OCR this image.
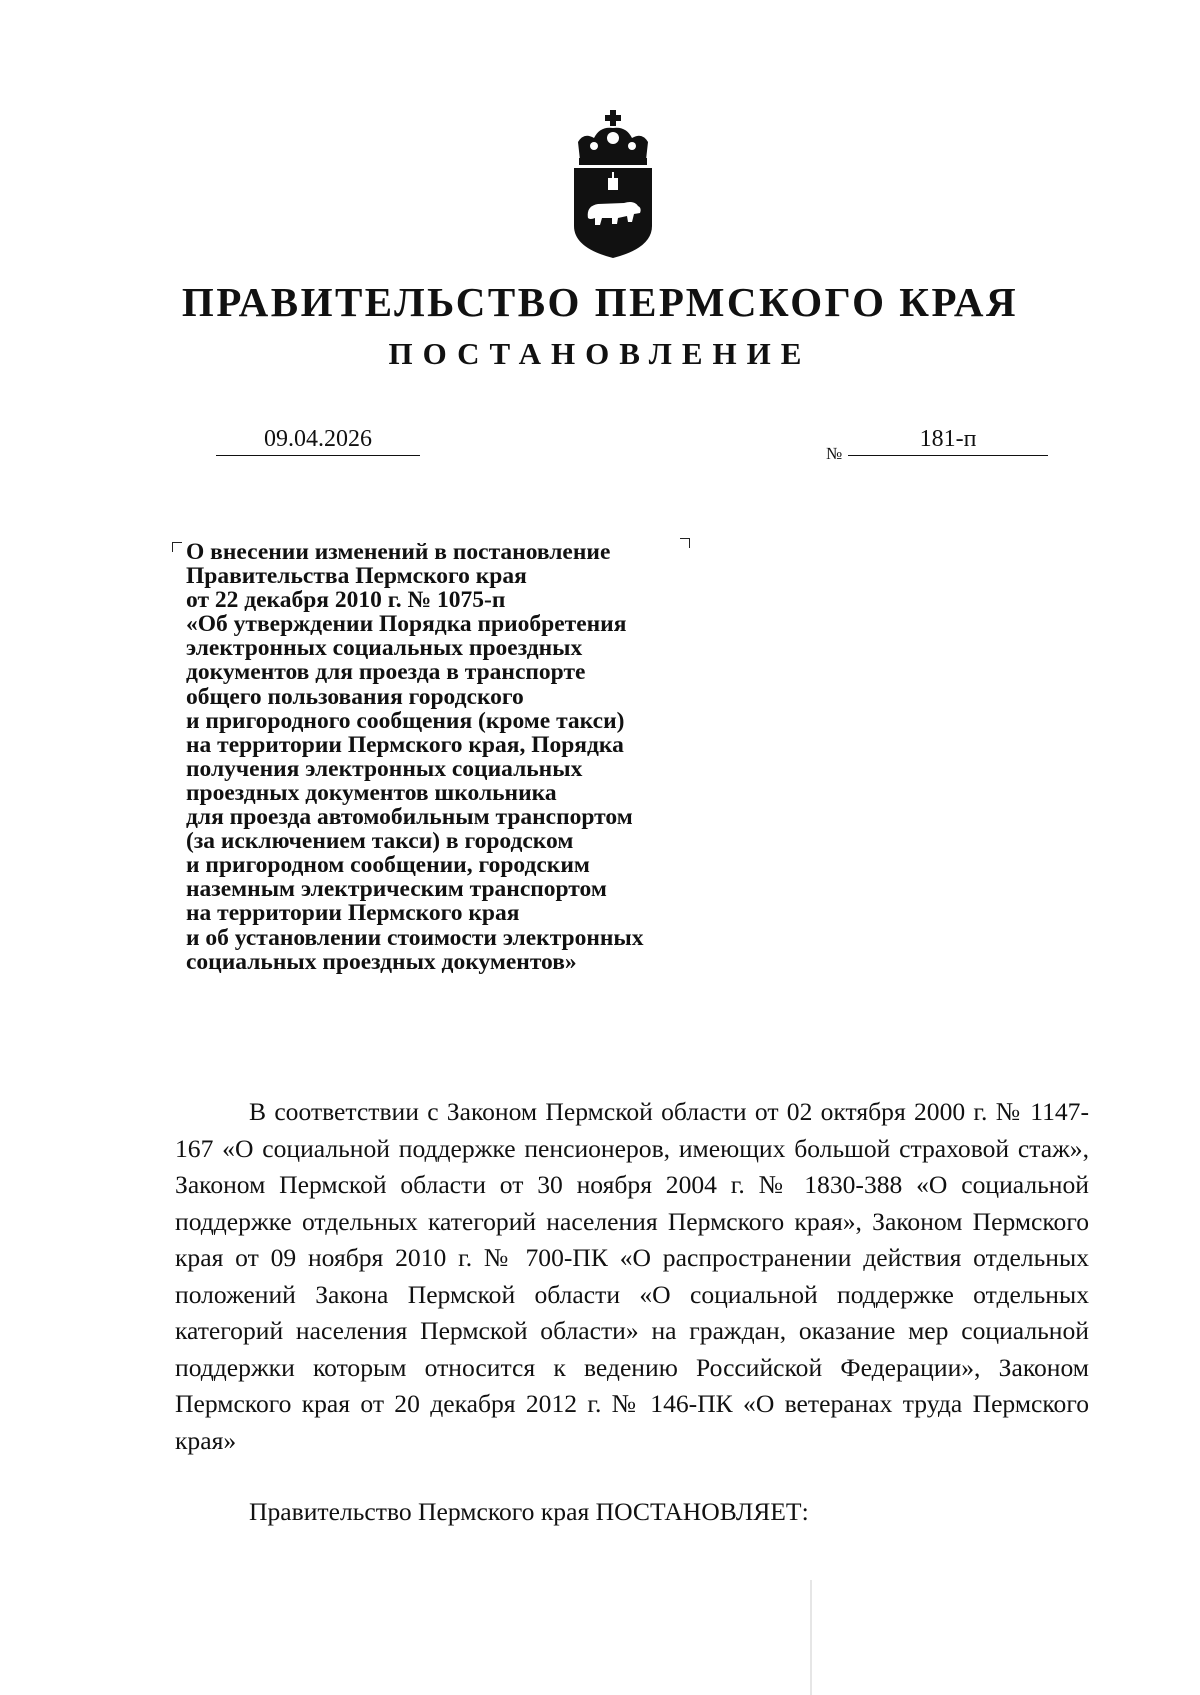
ПРАВИТЕЛЬСТВО ПЕРМСКОГО КРАЯ
ПОСТАНОВЛЕНИЕ
09.04.2026
№
181-п
О внесении изменений в постановление
Правительства Пермского края
от 22 декабря 2010 г. № 1075-п
«Об утверждении Порядка приобретения
электронных социальных проездных
документов для проезда в транспорте
общего пользования городского
и пригородного сообщения (кроме такси)
на территории Пермского края, Порядка
получения электронных социальных
проездных документов школьника
для проезда автомобильным транспортом
(за исключением такси) в городском
и пригородном сообщении, городским
наземным электрическим транспортом
на территории Пермского края
и об установлении стоимости электронных
социальных проездных документов»
В соответствии с Законом Пермской области от 02 октября 2000 г. № 1147-167 «О социальной поддержке пенсионеров, имеющих большой страховой стаж», Законом Пермской области от 30 ноября 2004 г. № 1830-388 «О социальной поддержке отдельных категорий населения Пермского края», Законом Пермского края от 09 ноября 2010 г. № 700-ПК «О распространении действия отдельных положений Закона Пермской области «О социальной поддержке отдельных категорий населения Пермской области» на граждан, оказание мер социальной поддержки которым относится к ведению Российской Федерации», Законом Пермского края от 20 декабря 2012 г. № 146-ПК «О ветеранах труда Пермского края»
Правительство Пермского края ПОСТАНОВЛЯЕТ:
